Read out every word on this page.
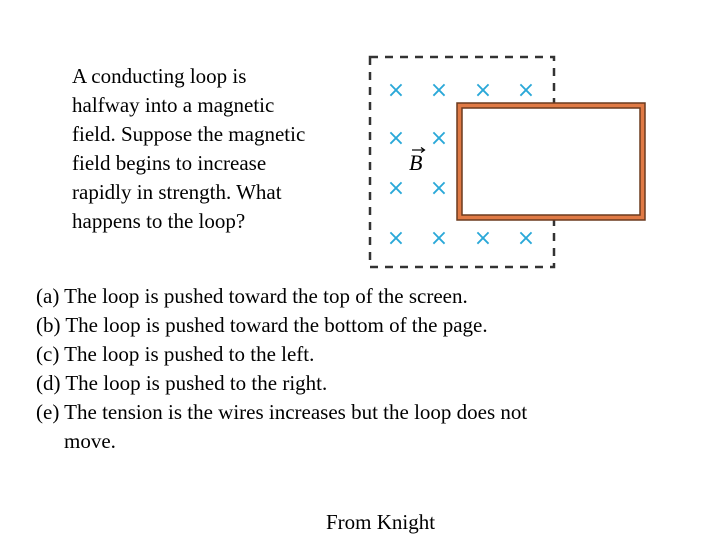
A conducting loop is
halfway into a magnetic
field. Suppose the magnetic
field begins to increase
rapidly in strength. What
happens to the loop?
× × × ×
× ×
× ×
× × × ×
B
(a) The loop is pushed toward the top of the screen.
(b) The loop is pushed toward the bottom of the page.
(c) The loop is pushed to the left.
(d) The loop is pushed to the right.
(e) The tension is the wires increases but the loop does not move.
From Knight
